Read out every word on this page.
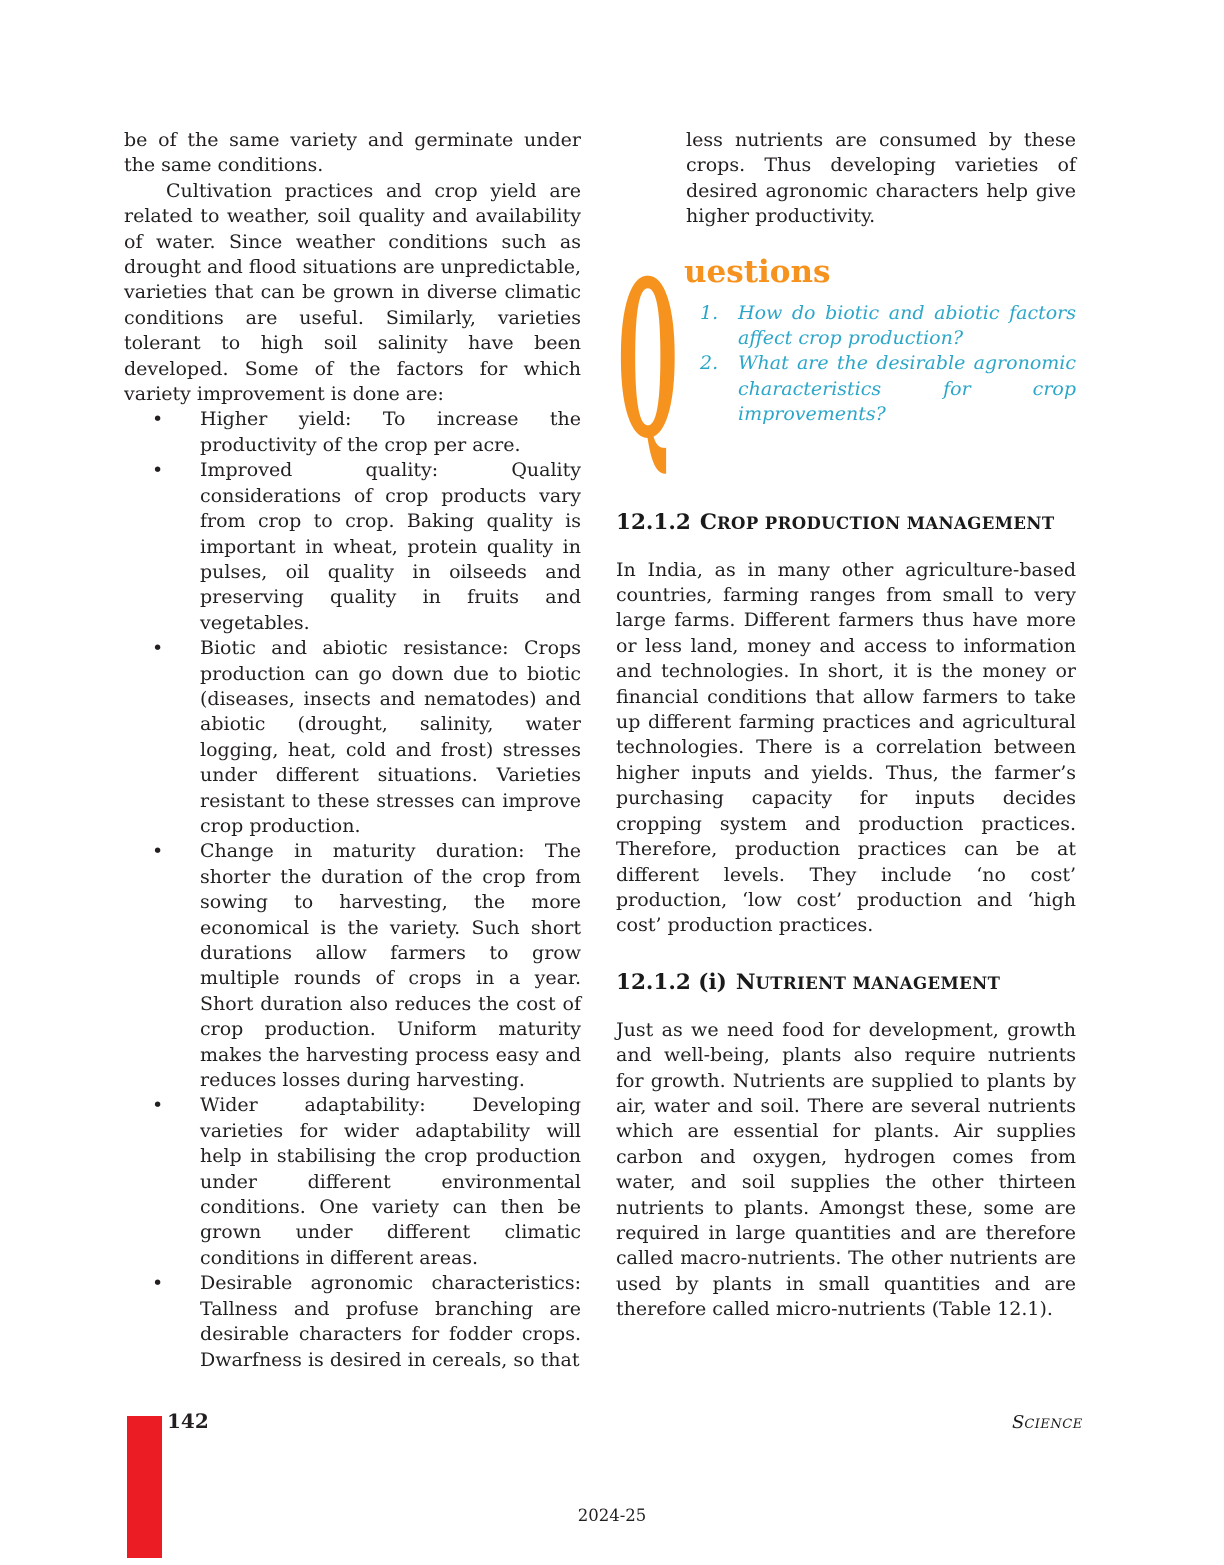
be of the same variety and germinate under the same conditions.

Cultivation practices and crop yield are related to weather, soil quality and availability of water. Since weather conditions such as drought and flood situations are unpredictable, varieties that can be grown in diverse climatic conditions are useful. Similarly, varieties tolerant to high soil salinity have been developed. Some of the factors for which variety improvement is done are:

• Higher yield: To increase the productivity of the crop per acre.
• Improved quality: Quality considerations of crop products vary from crop to crop. Baking quality is important in wheat, protein quality in pulses, oil quality in oilseeds and preserving quality in fruits and vegetables.
• Biotic and abiotic resistance: Crops production can go down due to biotic (diseases, insects and nematodes) and abiotic (drought, salinity, water logging, heat, cold and frost) stresses under different situations. Varieties resistant to these stresses can improve crop production.
• Change in maturity duration: The shorter the duration of the crop from sowing to harvesting, the more economical is the variety. Such short durations allow farmers to grow multiple rounds of crops in a year. Short duration also reduces the cost of crop production. Uniform maturity makes the harvesting process easy and reduces losses during harvesting.
• Wider adaptability: Developing varieties for wider adaptability will help in stabilising the crop production under different environmental conditions. One variety can then be grown under different climatic conditions in different areas.
• Desirable agronomic characteristics: Tallness and profuse branching are desirable characters for fodder crops. Dwarfness is desired in cereals, so that

less nutrients are consumed by these crops. Thus developing varieties of desired agronomic characters help give higher productivity.

Q uestions

1.	How do biotic and abiotic factors affect crop production?
2.	What are the desirable agronomic characteristics for crop improvements?
12.1.2 CROP PRODUCTION MANAGEMENT

In India, as in many other agriculture-based countries, farming ranges from small to very large farms. Different farmers thus have more or less land, money and access to information and technologies. In short, it is the money or financial conditions that allow farmers to take up different farming practices and agricultural technologies. There is a correlation between higher inputs and yields. Thus, the farmer’s purchasing capacity for inputs decides cropping system and production practices. Therefore, production practices can be at different levels. They include ‘no cost’ production, ‘low cost’ production and ‘high cost’ production practices.

12.1.2 (i) NUTRIENT MANAGEMENT

Just as we need food for development, growth and well-being, plants also require nutrients for growth. Nutrients are supplied to plants by air, water and soil. There are several nutrients which are essential for plants. Air supplies carbon and oxygen, hydrogen comes from water, and soil supplies the other thirteen nutrients to plants. Amongst these, some are required in large quantities and are therefore called macro-nutrients. The other nutrients are used by plants in small quantities and are therefore called micro-nutrients (Table 12.1).

142	SCIENCE
2024-25
